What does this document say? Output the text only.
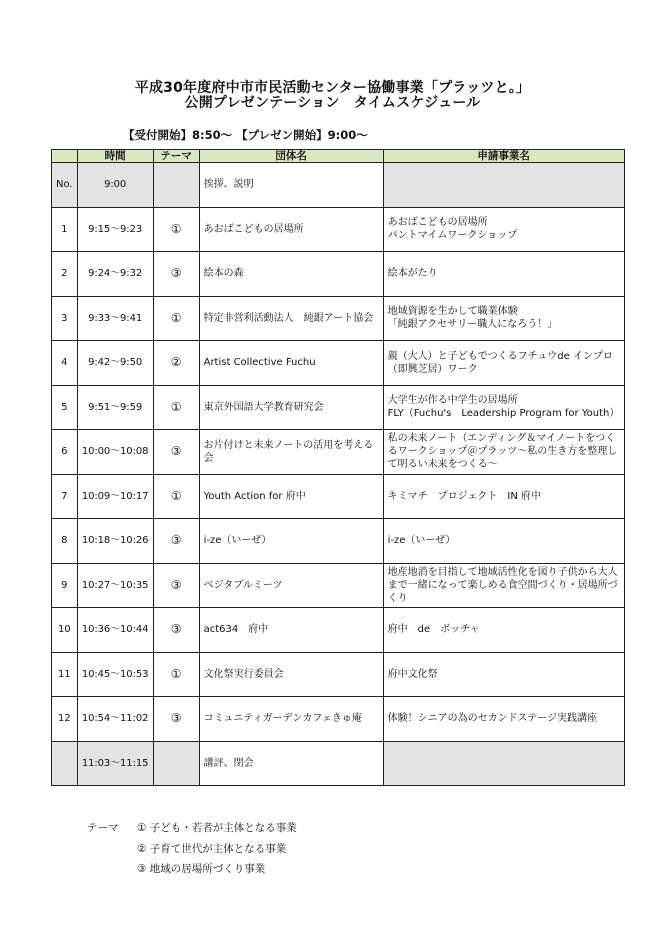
平成30年度府中市市民活動センター協働事業「プラッツと。」
公開プレゼンテーション　タイムスケジュール
【受付開始】8:50～ 【プレゼン開始】9:00～
	時間	テーマ	団体名	申請事業名
No.	9:00		挨拶、説明	
1	9:15～9:23	①	あおばこどもの居場所	あおばこどもの居場所
パントマイムワークショップ
2	9:24～9:32	③	絵本の森	絵本がたり
3	9:33～9:41	①	特定非営利活動法人　純銀アート協会	地域資源を生かして職業体験
「純銀アクセサリー職人になろう！」
4	9:42～9:50	②	Artist Collective Fuchu	親（大人）と子どもでつくるフチュウde インプロ（即興芝居）ワーク
5	9:51～9:59	①	東京外国語大学教育研究会	大学生が作る中学生の居場所
FLY（Fuchu's　Leadership Program for Youth）
6	10:00～10:08	③	お片付けと未来ノートの活用を考える会	私の未来ノート（エンディング＆マイノートをつくるワークショップ＠プラッツ～私の生き方を整理して明るい未来をつくる～
7	10:09～10:17	①	Youth Action for 府中	キミマチ　プロジェクト　IN 府中
8	10:18～10:26	③	i-ze（いーぜ）	i-ze（いーぜ）
9	10:27～10:35	③	ベジタブルミーツ	地産地消を目指して地域活性化を図り子供から大人まで一緒になって楽しめる食空間づくり・居場所づくり
10	10:36～10:44	③	act634　府中	府中　de　ボッチャ
11	10:45～10:53	①	文化祭実行委員会	府中文化祭
12	10:54～11:02	③	コミュニティガーデンカフェきゅ庵	体験！シニアの為のセカンドステージ実践講座
	11:03～11:15		講評、閉会	
テーマ ① 子ども・若者が主体となる事業
② 子育て世代が主体となる事業
③ 地域の居場所づくり事業
